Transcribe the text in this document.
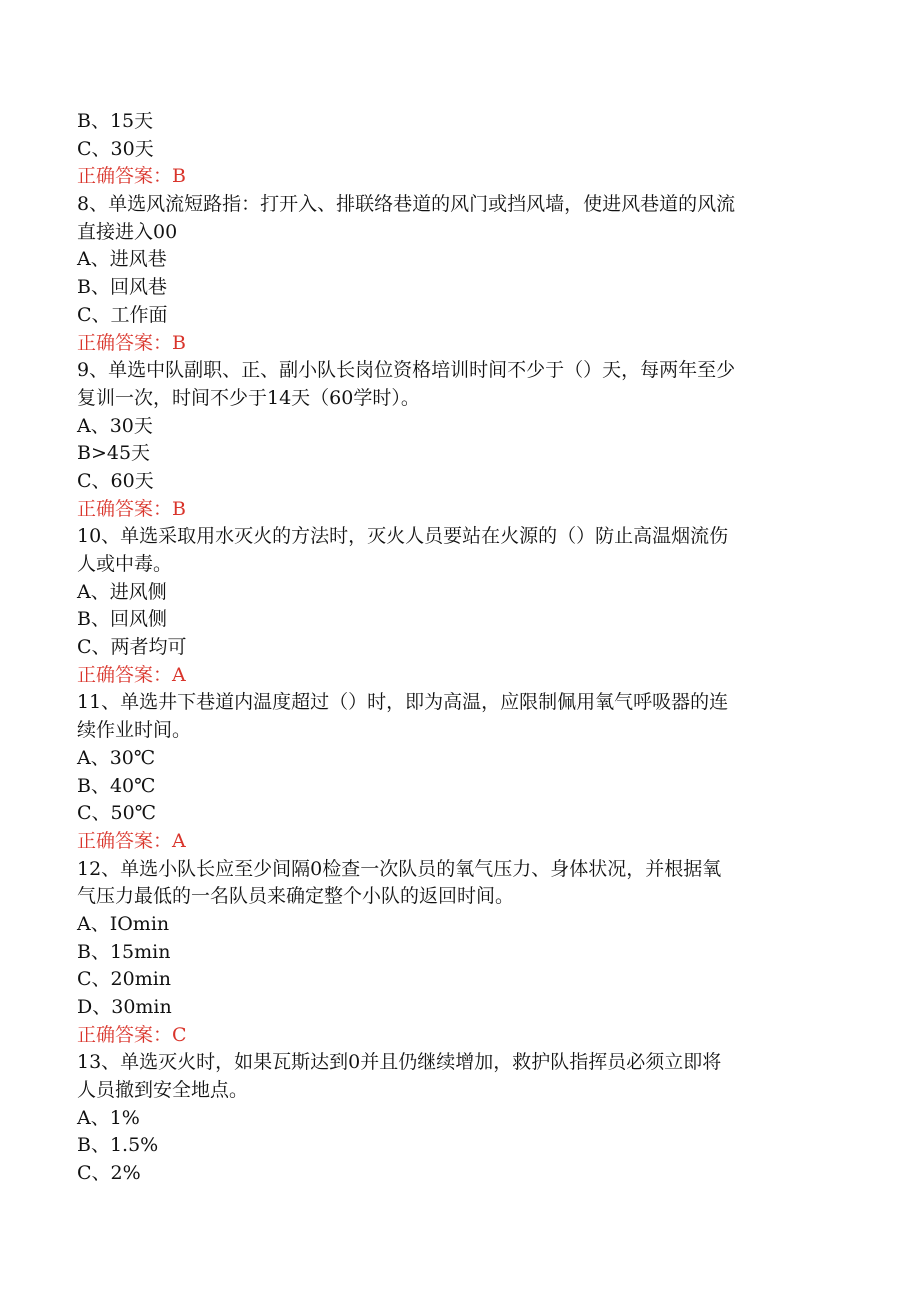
B、15天
C、30天
正确答案：B
8、单选风流短路指：打开入、排联络巷道的风门或挡风墙，使进风巷道的风流
直接进入00
A、进风巷
B、回风巷
C、工作面
正确答案：B
9、单选中队副职、正、副小队长岗位资格培训时间不少于（）天，每两年至少
复训一次，时间不少于14天（60学时）。
A、30天
B>45天
C、60天
正确答案：B
10、单选采取用水灭火的方法时，灭火人员要站在火源的（）防止高温烟流伤
人或中毒。
A、进风侧
B、回风侧
C、两者均可
正确答案：A
11、单选井下巷道内温度超过（）时，即为高温，应限制佩用氧气呼吸器的连
续作业时间。
A、30℃
B、40℃
C、50℃
正确答案：A
12、单选小队长应至少间隔0检查一次队员的氧气压力、身体状况，并根据氧
气压力最低的一名队员来确定整个小队的返回时间。
A、IOmin
B、15min
C、20min
D、30min
正确答案：C
13、单选灭火时，如果瓦斯达到0并且仍继续增加，救护队指挥员必须立即将
人员撤到安全地点。
A、1%
B、1.5%
C、2%
